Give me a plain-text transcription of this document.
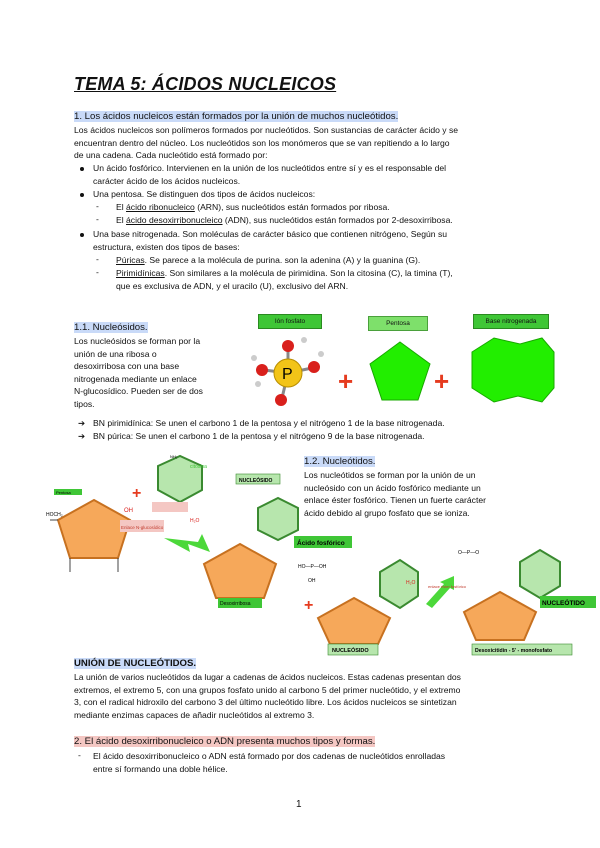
TEMA 5: ÁCIDOS NUCLEICOS
1. Los ácidos nucleicos están formados por la unión de muchos nucleótidos.
Los ácidos nucleicos son polímeros formados por nucleótidos. Son sustancias de carácter ácido y se
encuentran dentro del núcleo. Los nucleótidos son los monómeros que se van repitiendo a lo largo
de una cadena. Cada nucleótido está formado por:
Un ácido fosfórico. Intervienen en la unión de los nucleótidos entre sí y es el responsable del
carácter ácido de los ácidos nucleicos.
Una pentosa. Se distinguen dos tipos de ácidos nucleicos:
- El ácido ribonucleico (ARN), sus nucleótidos están formados por ribosa.
- El ácido desoxirribonucleico (ADN), sus nucleótidos están formados por 2-desoxirribosa.
Una base nitrogenada. Son moléculas de carácter básico que contienen nitrógeno, Según su
estructura, existen dos tipos de bases:
- Púricas. Se parece a la molécula de purina. son la adenina (A) y la guanina (G).
- Pirimidínicas. Son similares a la molécula de pirimidina. Son la citosina (C), la timina (T),
que es exclusiva de ADN, y el uracilo (U), exclusivo del ARN.
1.1. Nucleósidos.
Los nucleósidos se forman por la
unión de una ribosa o
desoxirribosa con una base
nitrogenada mediante un enlace
N-glucosídico. Pueden ser de dos
tipos.
Ión fosfato	Pentosa	Base nitrogenada
P +	+
➔ BN pirimidínica: Se unen el carbono 1 de la pentosa y el nitrógeno 1 de la base nitrogenada.
➔ BN púrica: Se unen el carbono 1 de la pentosa y el nitrógeno 9 de la base nitrogenada.
1.2. Nucleótidos.
Los nucleótidos se forman por la unión de un
nucleósido con un ácido fosfórico mediante un
enlace éster fosfórico. Tienen un fuerte carácter
ácido debido al grupo fosfato que se ioniza.
Pentosa
HOCH₂
OH
+
NH₂
citosina
Enlace N-glucosídico
H₂O
NUCLEÓSIDO
Desoxirribosa
Ácido fosfórico
HO—P—OH
OH
+
NUCLEÓSIDO
H₂O
enlace éster fosfórico
O—P—O
NUCLEÓTIDO
Desoxicitidin - 5' - monofosfato
UNIÓN DE NUCLEÓTIDOS.
La unión de varios nucleótidos da lugar a cadenas de ácidos nucleicos. Estas cadenas presentan dos
extremos, el extremo 5, con una grupos fosfato unido al carbono 5 del primer nucleótido, y el extremo
3, con el radical hidroxilo del carbono 3 del último nucleótido libre. Los ácidos nucleicos se sintetizan
mediante enzimas capaces de añadir nucleótidos al extremo 3.
2. El ácido desoxirribonucleico o ADN presenta muchos tipos y formas.
- El ácido desoxirribonucleico o ADN está formado por dos cadenas de nucleótidos enrolladas
entre sí formando una doble hélice.
1
